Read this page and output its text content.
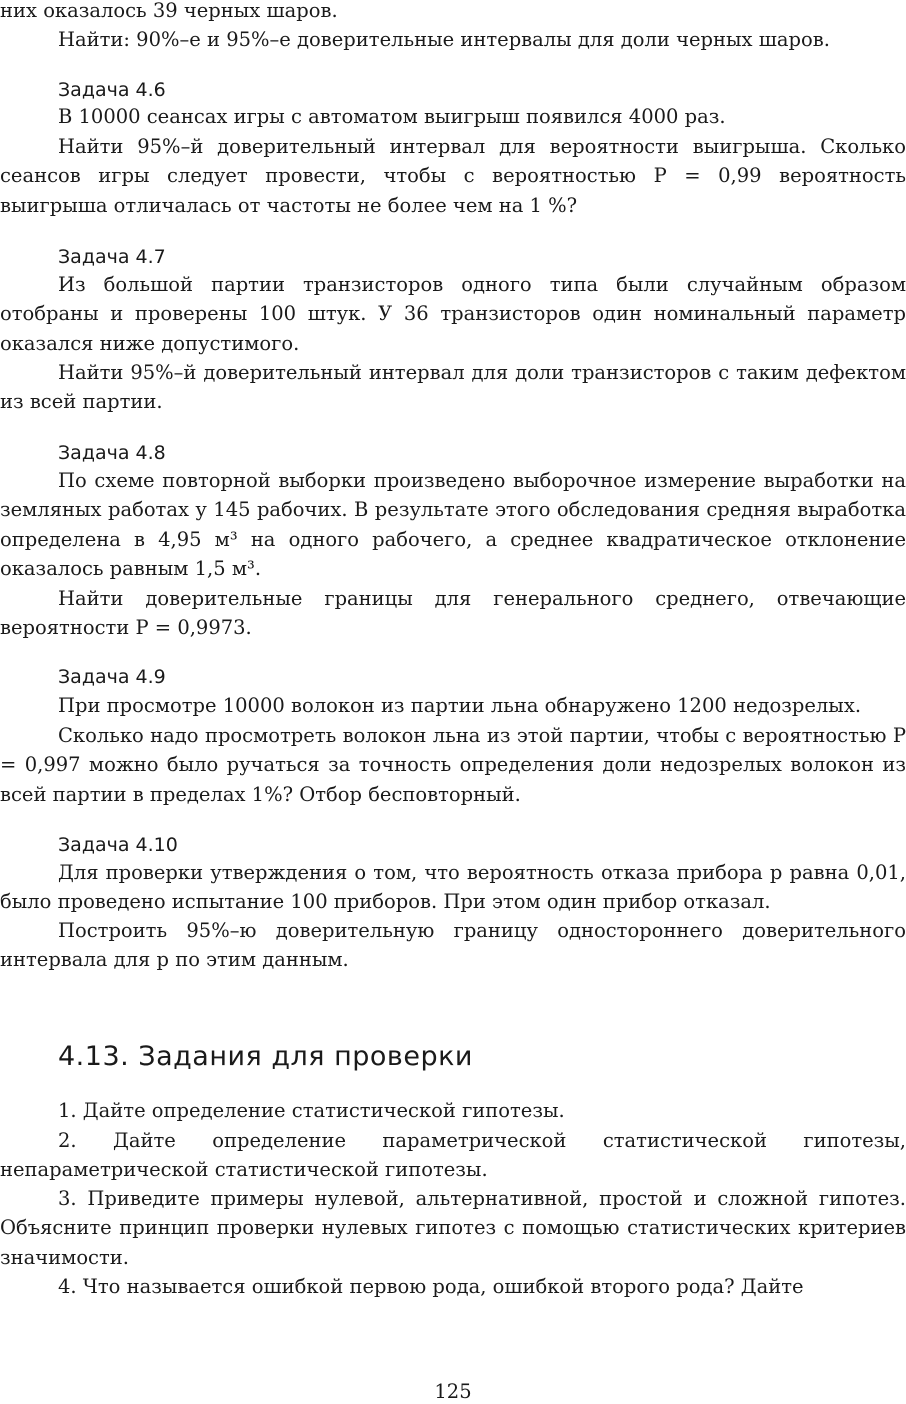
них оказалось 39 черных шаров.

Найти: 90%–е и 95%–е доверительные интервалы для доли черных шаров.

Задача 4.6

В 10000 сеансах игры с автоматом выигрыш появился 4000 раз.

Найти 95%–й доверительный интервал для вероятности выигрыша. Сколько сеансов игры следует провести, чтобы с вероятностью P = 0,99 вероятность выигрыша отличалась от частоты не более чем на 1 %?

Задача 4.7

Из большой партии транзисторов одного типа были случайным образом отобраны и проверены 100 штук. У 36 транзисторов один номинальный параметр оказался ниже допустимого.

Найти 95%–й доверительный интервал для доли транзисторов с таким дефектом из всей партии.

Задача 4.8

По схеме повторной выборки произведено выборочное измерение выработки на земляных работах у 145 рабочих. В результате этого обследования средняя выработка определена в 4,95 м³ на одного рабочего, а среднее квадратическое отклонение оказалось равным 1,5 м³.

Найти доверительные границы для генерального среднего, отвечающие вероятности P = 0,9973.

Задача 4.9

При просмотре 10000 волокон из партии льна обнаружено 1200 недозрелых.

Сколько надо просмотреть волокон льна из этой партии, чтобы с вероятностью P = 0,997 можно было ручаться за точность определения доли недозрелых волокон из всей партии в пределах 1%? Отбор бесповторный.

Задача 4.10

Для проверки утверждения о том, что вероятность отказа прибора p равна 0,01, было проведено испытание 100 приборов. При этом один прибор отказал.

Построить 95%–ю доверительную границу одностороннего доверительного интервала для p по этим данным.

4.13. Задания для проверки

1. Дайте определение статистической гипотезы.

2. Дайте определение параметрической статистической гипотезы, непараметрической статистической гипотезы.

3. Приведите примеры нулевой, альтернативной, простой и сложной гипотез. Объясните принцип проверки нулевых гипотез с помощью статистических критериев значимости.

4. Что называется ошибкой первою рода, ошибкой второго рода? Дайте

125
